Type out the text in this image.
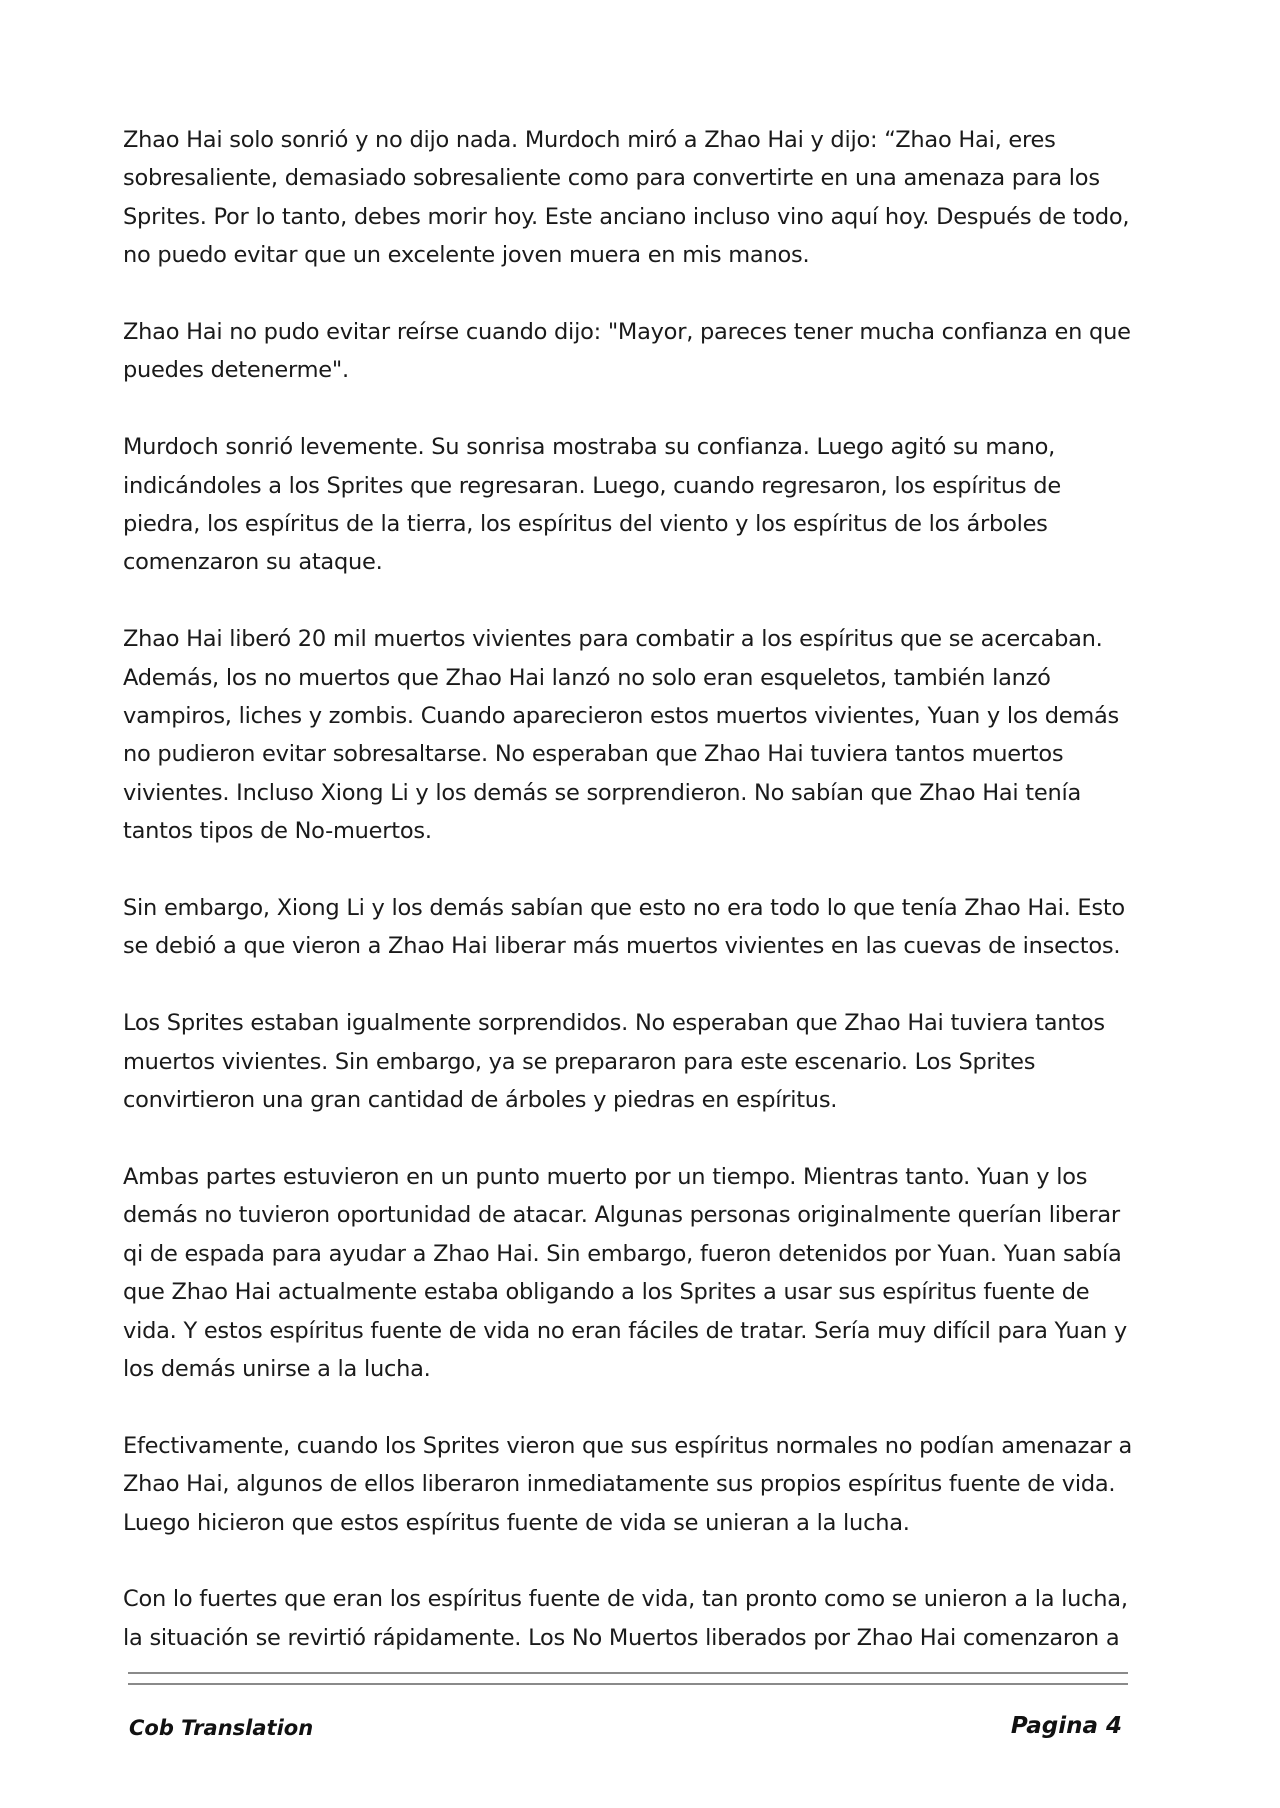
Zhao Hai solo sonrió y no dijo nada. Murdoch miró a Zhao Hai y dijo: “Zhao Hai, eres sobresaliente, demasiado sobresaliente como para convertirte en una amenaza para los Sprites. Por lo tanto, debes morir hoy. Este anciano incluso vino aquí hoy. Después de todo, no puedo evitar que un excelente joven muera en mis manos.

Zhao Hai no pudo evitar reírse cuando dijo: "Mayor, pareces tener mucha confianza en que puedes detenerme".

Murdoch sonrió levemente. Su sonrisa mostraba su confianza. Luego agitó su mano, indicándoles a los Sprites que regresaran. Luego, cuando regresaron, los espíritus de piedra, los espíritus de la tierra, los espíritus del viento y los espíritus de los árboles comenzaron su ataque.

Zhao Hai liberó 20 mil muertos vivientes para combatir a los espíritus que se acercaban. Además, los no muertos que Zhao Hai lanzó no solo eran esqueletos, también lanzó vampiros, liches y zombis. Cuando aparecieron estos muertos vivientes, Yuan y los demás no pudieron evitar sobresaltarse. No esperaban que Zhao Hai tuviera tantos muertos vivientes. Incluso Xiong Li y los demás se sorprendieron. No sabían que Zhao Hai tenía tantos tipos de No-muertos.

Sin embargo, Xiong Li y los demás sabían que esto no era todo lo que tenía Zhao Hai. Esto se debió a que vieron a Zhao Hai liberar más muertos vivientes en las cuevas de insectos.

Los Sprites estaban igualmente sorprendidos. No esperaban que Zhao Hai tuviera tantos muertos vivientes. Sin embargo, ya se prepararon para este escenario. Los Sprites convirtieron una gran cantidad de árboles y piedras en espíritus.

Ambas partes estuvieron en un punto muerto por un tiempo. Mientras tanto. Yuan y los demás no tuvieron oportunidad de atacar. Algunas personas originalmente querían liberar qi de espada para ayudar a Zhao Hai. Sin embargo, fueron detenidos por Yuan. Yuan sabía que Zhao Hai actualmente estaba obligando a los Sprites a usar sus espíritus fuente de vida. Y estos espíritus fuente de vida no eran fáciles de tratar. Sería muy difícil para Yuan y los demás unirse a la lucha.

Efectivamente, cuando los Sprites vieron que sus espíritus normales no podían amenazar a Zhao Hai, algunos de ellos liberaron inmediatamente sus propios espíritus fuente de vida. Luego hicieron que estos espíritus fuente de vida se unieran a la lucha.

Con lo fuertes que eran los espíritus fuente de vida, tan pronto como se unieron a la lucha, la situación se revirtió rápidamente. Los No Muertos liberados por Zhao Hai comenzaron a

Cob Translation	Pagina 4
